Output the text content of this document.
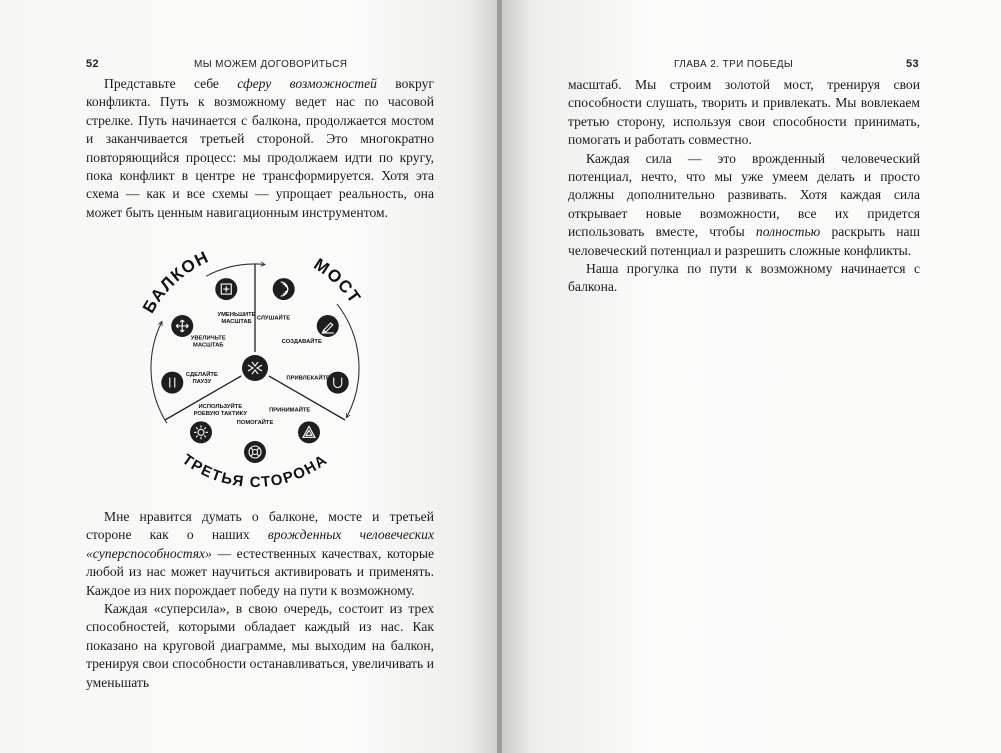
52	МЫ МОЖЕМ ДОГОВОРИТЬСЯ

Представьте себе сферу возможностей вокруг конфликта. Путь к возможному ведет нас по часовой стрелке. Путь начинается с балкона, продолжается мостом и заканчивается третьей стороной. Это многократно повторяющийся процесс: мы продолжаем идти по кругу, пока конфликт в центре не трансформируется. Хотя эта схема — как и все схемы — упрощает реальность, она может быть ценным навигационным инструментом.

БАЛКОН	МОСТ
ТРЕТЬЯ СТОРОНА
СЛУШАЙТЕ
СОЗДАВАЙТЕ
ПРИВЛЕКАЙТЕ
ПРИНИМАЙТЕ
ПОМОГАЙТЕ
ИСПОЛЬЗУЙТЕ РОЕВУЮ ТАКТИКУ
СДЕЛАЙТЕ ПАУЗУ
УВЕЛИЧЬТЕ МАСШТАБ
УМЕНЬШИТЕ МАСШТАБ

Мне нравится думать о балконе, мосте и третьей стороне как о наших врожденных человеческих «суперспособностях» — естественных качествах, которые любой из нас может научиться активировать и применять. Каждое из них порождает победу на пути к возможному.

Каждая «суперсила», в свою очередь, состоит из трех способностей, которыми обладает каждый из нас. Как показано на круговой диаграмме, мы выходим на балкон, тренируя свои способности останавливаться, увеличивать и уменьшать

ГЛАВА 2. ТРИ ПОБЕДЫ	53

масштаб. Мы строим золотой мост, тренируя свои способности слушать, творить и привлекать. Мы вовлекаем третью сторону, используя свои способности принимать, помогать и работать совместно.

Каждая сила — это врожденный человеческий потенциал, нечто, что мы уже умеем делать и просто должны дополнительно развивать. Хотя каждая сила открывает новые возможности, все их придется использовать вместе, чтобы полностью раскрыть наш человеческий потенциал и разрешить сложные конфликты.

Наша прогулка по пути к возможному начинается с балкона.
